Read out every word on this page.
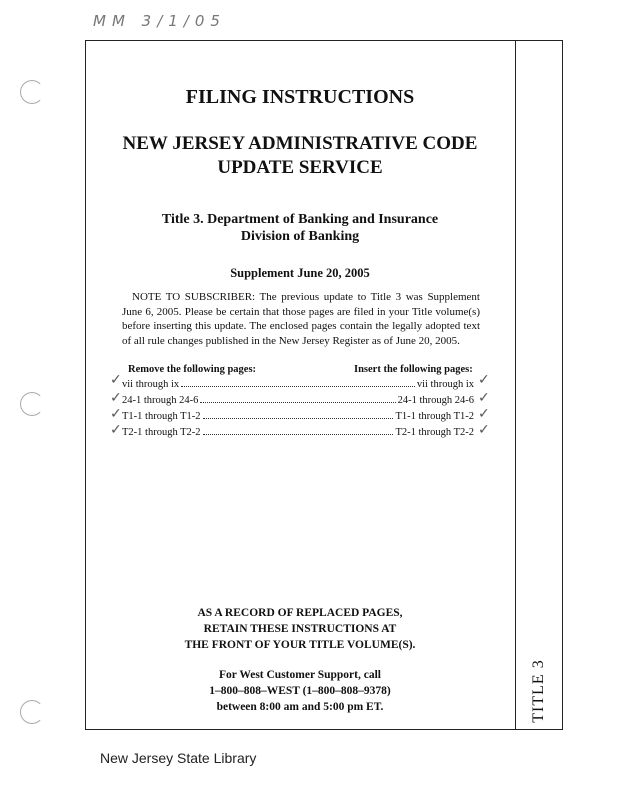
MM 3/1/05
TITLE 3
FILING INSTRUCTIONS
NEW JERSEY ADMINISTRATIVE CODE
UPDATE SERVICE
Title 3. Department of Banking and Insurance
Division of Banking
Supplement June 20, 2005
NOTE TO SUBSCRIBER: The previous update to Title 3 was Supplement June 6, 2005. Please be certain that those pages are filed in your Title volume(s) before inserting this update. The enclosed pages contain the legally adopted text of all rule changes published in the New Jersey Register as of June 20, 2005.
Remove the following pages:	Insert the following pages:
vii through ix	vii through ix
24-1 through 24-6	24-1 through 24-6
T1-1 through T1-2	T1-1 through T1-2
T2-1 through T2-2	T2-1 through T2-2
✓
✓
✓
✓
✓
✓
✓
✓
AS A RECORD OF REPLACED PAGES,
RETAIN THESE INSTRUCTIONS AT
THE FRONT OF YOUR TITLE VOLUME(S).
For West Customer Support, call
1–800–808–WEST (1–800–808–9378)
between 8:00 am and 5:00 pm ET.
New Jersey State Library
